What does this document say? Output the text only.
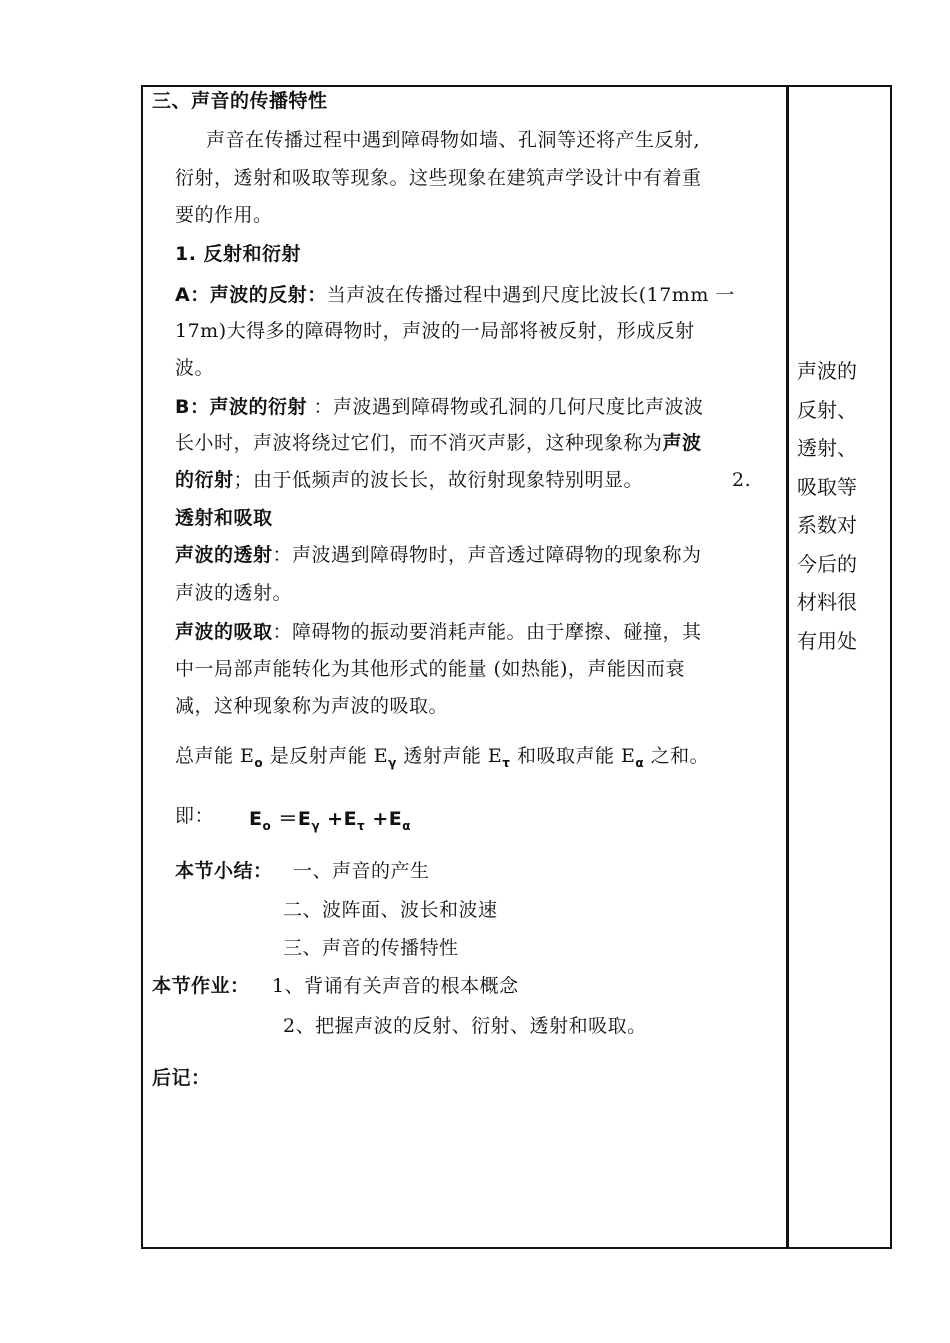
三、声音的传播特性
声音在传播过程中遇到障碍物如墙、孔洞等还将产生反射,
衍射，透射和吸取等现象。这些现象在建筑声学设计中有着重
要的作用。
1. 反射和衍射
A：声波的反射：当声波在传播过程中遇到尺度比波长(17mm 一
17m)大得多的障碍物时，声波的一局部将被反射，形成反射
波。
B：声波的衍射 ：声波遇到障碍物或孔洞的几何尺度比声波波
长小时，声波将绕过它们，而不消灭声影，这种现象称为声波
的衍射；由于低频声的波长长，故衍射现象特别明显。	2.
透射和吸取
声波的透射：声波遇到障碍物时，声音透过障碍物的现象称为
声波的透射。
声波的吸取：障碍物的振动要消耗声能。由于摩擦、碰撞，其
中一局部声能转化为其他形式的能量 (如热能)，声能因而衰
减，这种现象称为声波的吸取。
总声能 $E_o$ 是反射声能 $E_\gamma$ 透射声能 $E_\tau$ 和吸取声能 $E_\alpha$ 之和。
即： $E_o =E_\gamma +E_\tau +E_\alpha$
本节小结： 一、声音的产生
二、波阵面、波长和波速
三、声音的传播特性
本节作业： 1、背诵有关声音的根本概念
2、把握声波的反射、衍射、透射和吸取。
后记：
声波的
反射、
透射、
吸取等
系数对
今后的
材料很
有用处
